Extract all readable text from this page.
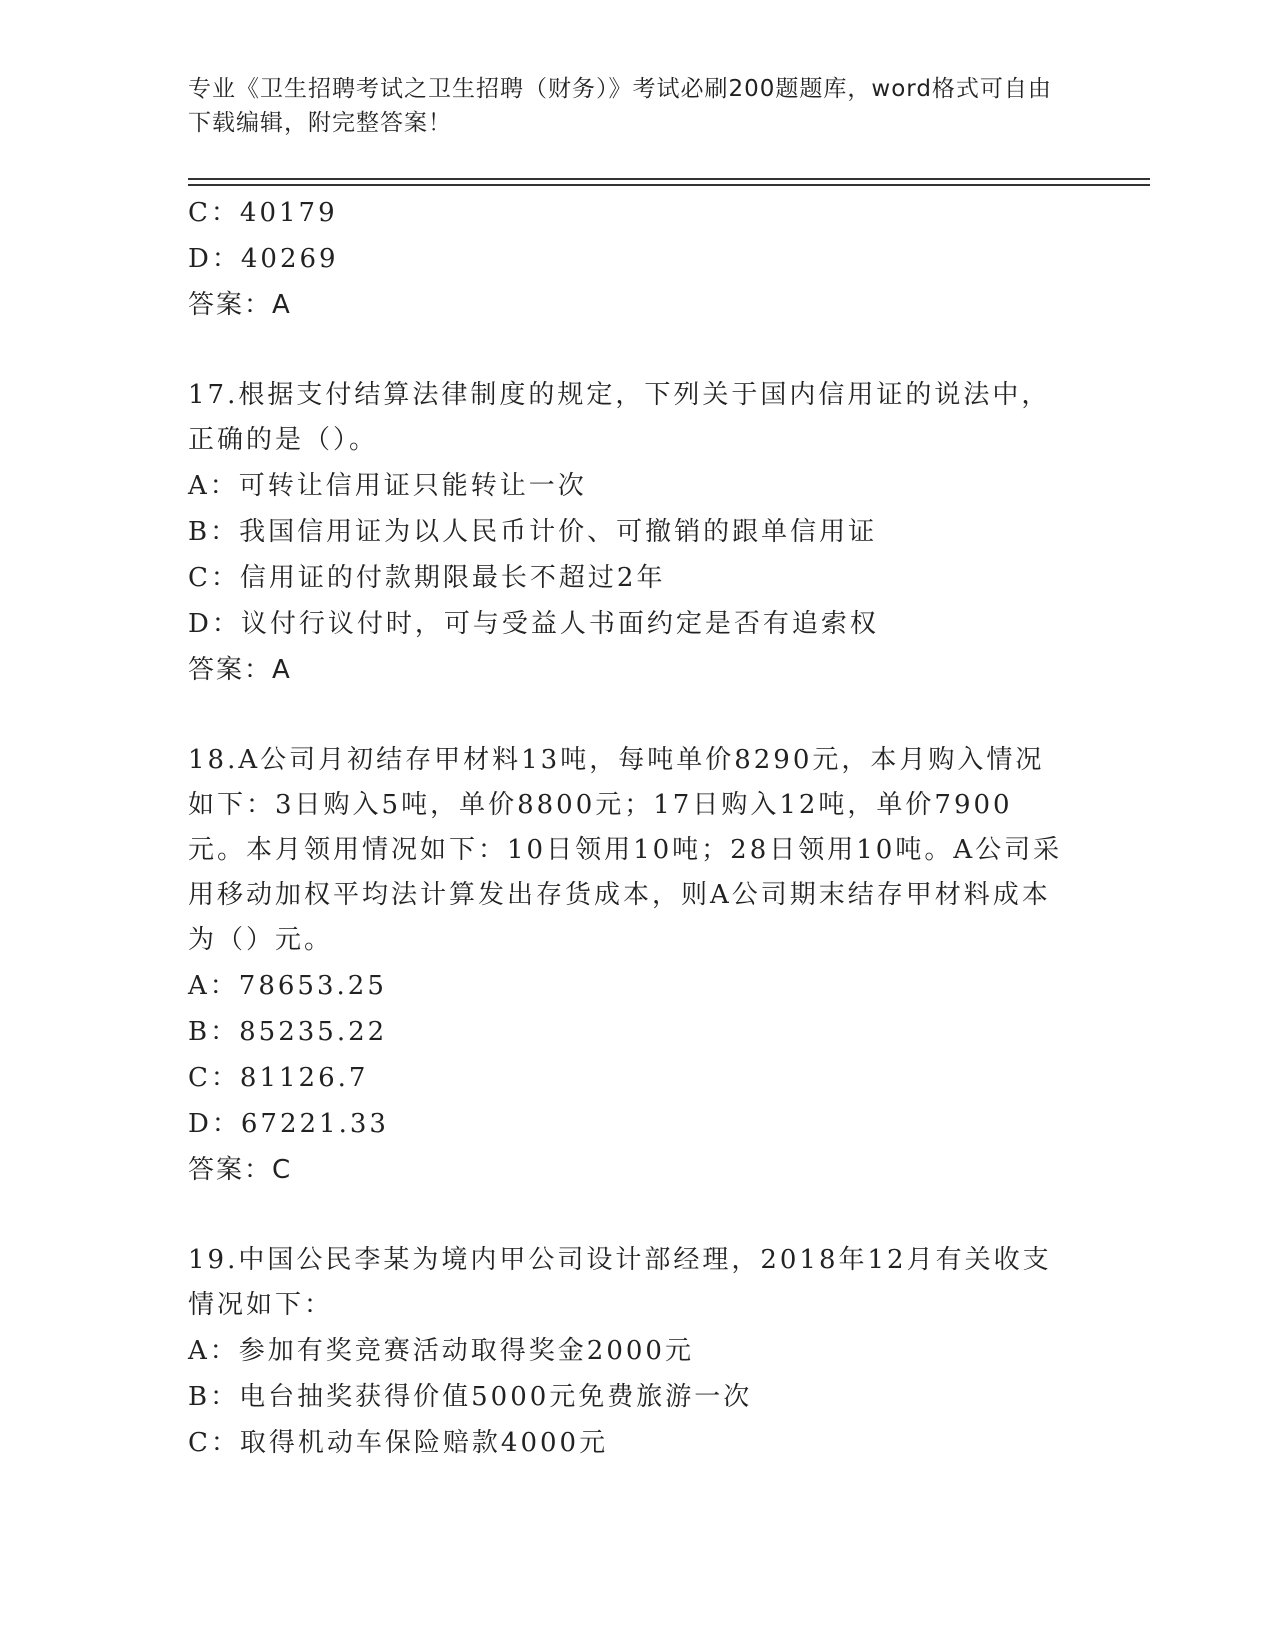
专业《卫生招聘考试之卫生招聘（财务）》考试必刷200题题库，word格式可自由下载编辑，附完整答案！
C：40179
D：40269
答案：A

17.根据支付结算法律制度的规定，下列关于国内信用证的说法中，正确的是（）。

A：可转让信用证只能转让一次
B：我国信用证为以人民币计价、可撤销的跟单信用证
C：信用证的付款期限最长不超过2年
D：议付行议付时，可与受益人书面约定是否有追索权
答案：A

18.A公司月初结存甲材料13吨，每吨单价8290元，本月购入情况如下：3日购入5吨，单价8800元；17日购入12吨，单价7900元。本月领用情况如下：10日领用10吨；28日领用10吨。A公司采用移动加权平均法计算发出存货成本，则A公司期末结存甲材料成本为（）元。

A：78653.25
B：85235.22
C：81126.7
D：67221.33
答案：C

19.中国公民李某为境内甲公司设计部经理，2018年12月有关收支情况如下：

A：参加有奖竞赛活动取得奖金2000元
B：电台抽奖获得价值5000元免费旅游一次
C：取得机动车保险赔款4000元
